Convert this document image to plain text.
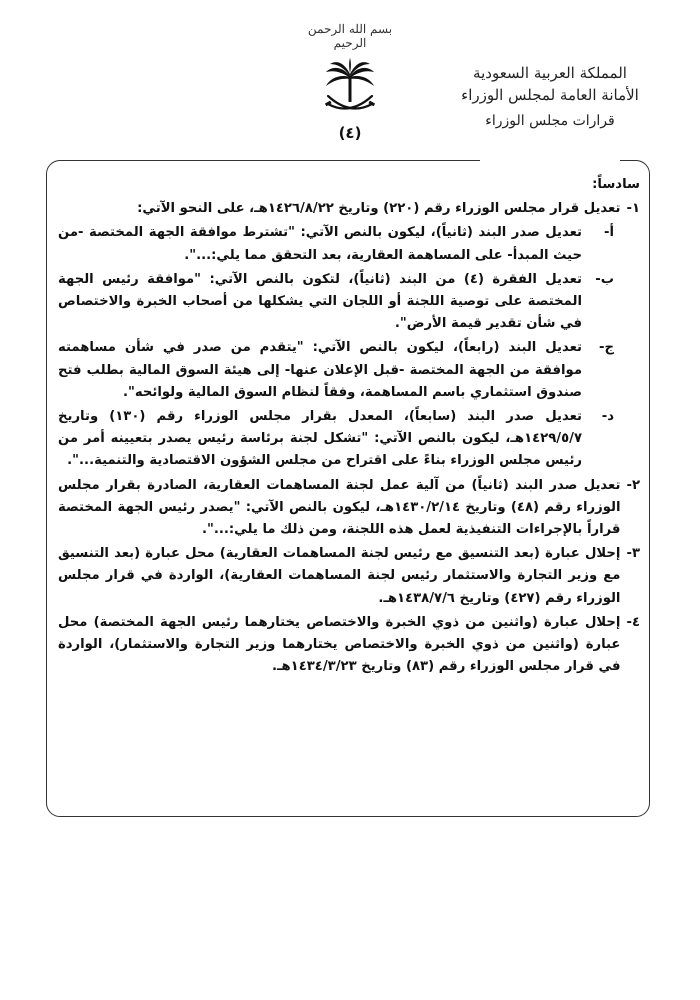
بسم الله الرحمن الرحيم
(٤)
المملكة العربية السعودية
الأمانة العامة لمجلس الوزراء
قرارات مجلس الوزراء

سادساً:

١-
تعديل قرار مجلس الوزراء رقم (٢٢٠) وتاريخ ١٤٢٦/٨/٢٢هـ، على النحو الآتي:
أ-
تعديل صدر البند (ثانياً)، ليكون بالنص الآتي: "تشترط موافقة الجهة المختصة -من حيث المبدأ- على المساهمة العقارية، بعد التحقق مما يلي:...".
ب-
تعديل الفقرة (٤) من البند (ثانياً)، لتكون بالنص الآتي: "موافقة رئيس الجهة المختصة على توصية اللجنة أو اللجان التي يشكلها من أصحاب الخبرة والاختصاص في شأن تقدير قيمة الأرض".
ج-
تعديل البند (رابعاً)، ليكون بالنص الآتي: "يتقدم من صدر في شأن مساهمته موافقة من الجهة المختصة -قبل الإعلان عنها- إلى هيئة السوق المالية بطلب فتح صندوق استثماري باسم المساهمة، وفقاً لنظام السوق المالية ولوائحه".
د-
تعديل صدر البند (سابعاً)، المعدل بقرار مجلس الوزراء رقم (١٣٠) وتاريخ ١٤٢٩/٥/٧هـ، ليكون بالنص الآتي: "تشكل لجنة برئاسة رئيس يصدر بتعيينه أمر من رئيس مجلس الوزراء بناءً على اقتراح من مجلس الشؤون الاقتصادية والتنمية...".
٢-
تعديل صدر البند (ثانياً) من آلية عمل لجنة المساهمات العقارية، الصادرة بقرار مجلس الوزراء رقم (٤٨) وتاريخ ١٤٣٠/٢/١٤هـ، ليكون بالنص الآتي: "يصدر رئيس الجهة المختصة قراراً بالإجراءات التنفيذية لعمل هذه اللجنة، ومن ذلك ما يلي:...".
٣-
إحلال عبارة (بعد التنسيق مع رئيس لجنة المساهمات العقارية) محل عبارة (بعد التنسيق مع وزير التجارة والاستثمار رئيس لجنة المساهمات العقارية)، الواردة في قرار مجلس الوزراء رقم (٤٢٧) وتاريخ ١٤٣٨/٧/٦هـ.
٤-
إحلال عبارة (واثنين من ذوي الخبرة والاختصاص يختارهما رئيس الجهة المختصة) محل عبارة (واثنين من ذوي الخبرة والاختصاص يختارهما وزير التجارة والاستثمار)، الواردة في قرار مجلس الوزراء رقم (٨٣) وتاريخ ١٤٣٤/٣/٢٣هـ.
